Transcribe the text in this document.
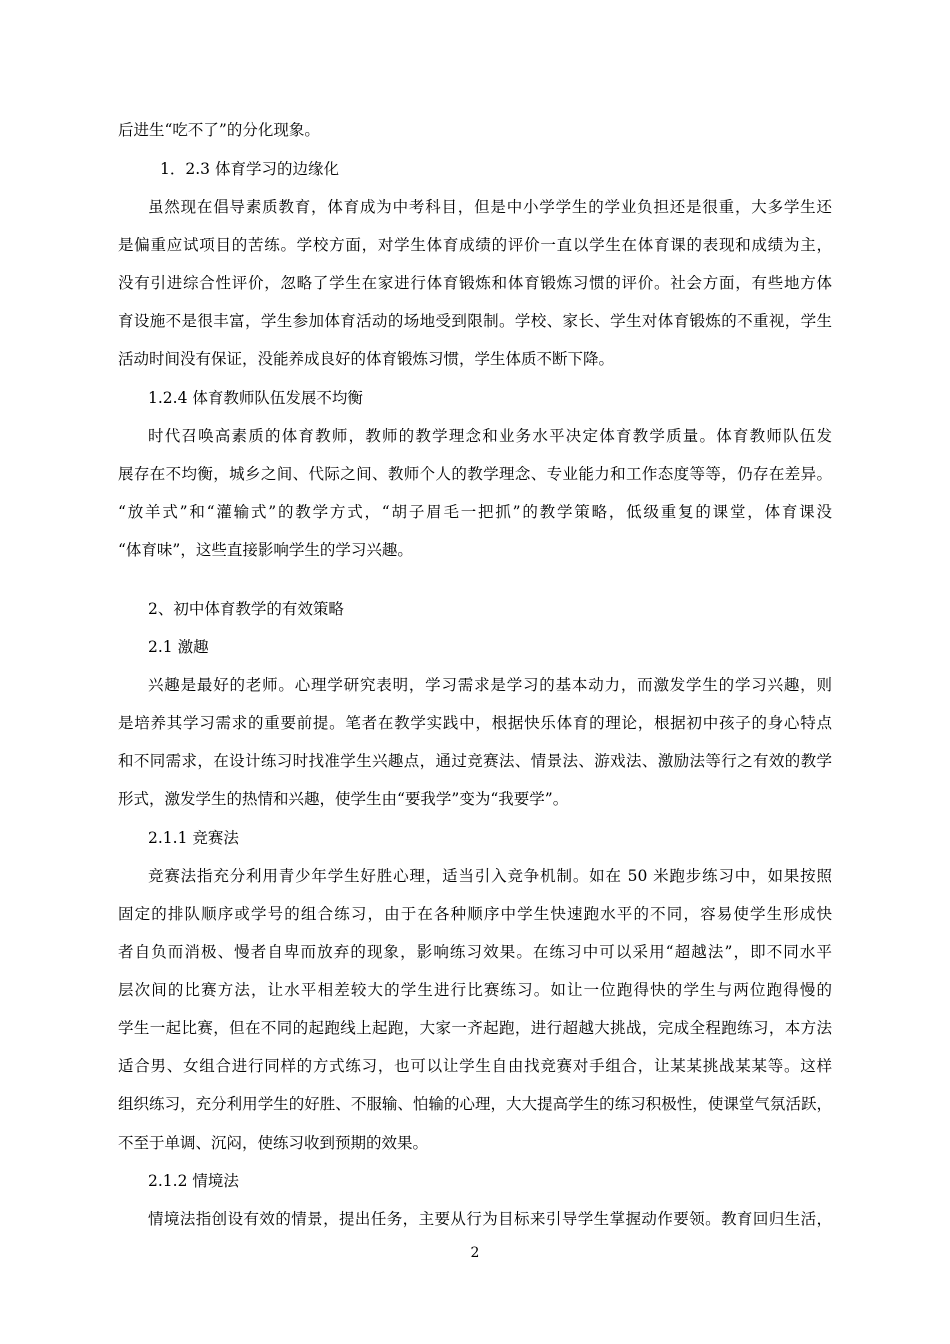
后进生“吃不了”的分化现象。
1．2.3 体育学习的边缘化
虽然现在倡导素质教育，体育成为中考科目，但是中小学学生的学业负担还是很重，大多学生还
是偏重应试项目的苦练。学校方面，对学生体育成绩的评价一直以学生在体育课的表现和成绩为主，
没有引进综合性评价，忽略了学生在家进行体育锻炼和体育锻炼习惯的评价。社会方面，有些地方体
育设施不是很丰富，学生参加体育活动的场地受到限制。学校、家长、学生对体育锻炼的不重视，学生
活动时间没有保证，没能养成良好的体育锻炼习惯，学生体质不断下降。
1.2.4 体育教师队伍发展不均衡
时代召唤高素质的体育教师，教师的教学理念和业务水平决定体育教学质量。体育教师队伍发
展存在不均衡，城乡之间、代际之间、教师个人的教学理念、专业能力和工作态度等等，仍存在差异。
“放羊式”和“灌输式”的教学方式，“胡子眉毛一把抓”的教学策略，低级重复的课堂，体育课没
“体育味”，这些直接影响学生的学习兴趣。
2、初中体育教学的有效策略
2.1 激趣
兴趣是最好的老师。心理学研究表明，学习需求是学习的基本动力，而激发学生的学习兴趣，则
是培养其学习需求的重要前提。笔者在教学实践中，根据快乐体育的理论，根据初中孩子的身心特点
和不同需求，在设计练习时找准学生兴趣点，通过竞赛法、情景法、游戏法、激励法等行之有效的教学
形式，激发学生的热情和兴趣，使学生由“要我学”变为“我要学”。
2.1.1 竞赛法
竞赛法指充分利用青少年学生好胜心理，适当引入竞争机制。如在 50 米跑步练习中，如果按照
固定的排队顺序或学号的组合练习，由于在各种顺序中学生快速跑水平的不同，容易使学生形成快
者自负而消极、慢者自卑而放弃的现象，影响练习效果。在练习中可以采用“超越法”，即不同水平
层次间的比赛方法，让水平相差较大的学生进行比赛练习。如让一位跑得快的学生与两位跑得慢的
学生一起比赛，但在不同的起跑线上起跑，大家一齐起跑，进行超越大挑战，完成全程跑练习，本方法
适合男、女组合进行同样的方式练习，也可以让学生自由找竞赛对手组合，让某某挑战某某等。这样
组织练习，充分利用学生的好胜、不服输、怕输的心理，大大提高学生的练习积极性，使课堂气氛活跃，
不至于单调、沉闷，使练习收到预期的效果。
2.1.2 情境法
情境法指创设有效的情景，提出任务，主要从行为目标来引导学生掌握动作要领。教育回归生活，
2
